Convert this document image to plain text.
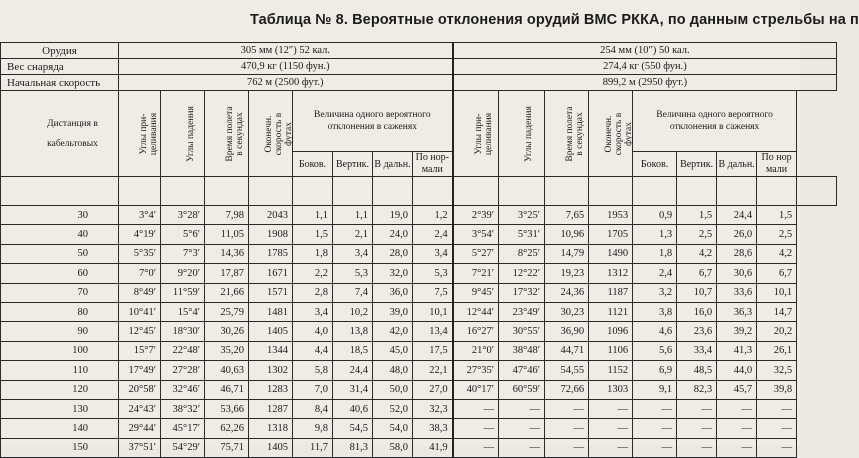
Таблица № 8. Вероятные отклонения орудий ВМС РККА, по данным стрельбы на п
Орудия	305 мм (12″) 52 кал.								254 мм (10″) 50 кал.								
Вес снаряда	470,9 кг (1150 фун.)								274,4 кг (550 фун.)								
Начальная скорость	762 м (2500 фут.)								899,2 м (2950 фут.)								
Дистанция в кабельтовых	Углы при- целивания	Углы падения	Время полета в секундах	Оконечн. скорость в футах	Величина одного вероятного отклонения в саженях				Углы при- целивания	Углы падения	Время полета в секундах	Оконечн. скорость в футах	Величина одного вероятного отклонения в саженях				
					Боков.	Вертик.	В дальн.	По нор- мали					Боков.	Вертик.	В дальн.	По нор мали	

30	3°4′	3°28′	7,98	2043	1,1	1,1	19,0	1,2	2°39′	3°25′	7,65	1953	0,9	1,5	24,4	1,5	
40	4°19′	5°6′	11,05	1908	1,5	2,1	24,0	2,4	3°54′	5°31′	10,96	1705	1,3	2,5	26,0	2,5	
50	5°35′	7°3′	14,36	1785	1,8	3,4	28,0	3,4	5°27′	8°25′	14,79	1490	1,8	4,2	28,6	4,2	
60	7°0′	9°20′	17,87	1671	2,2	5,3	32,0	5,3	7°21′	12°22′	19,23	1312	2,4	6,7	30,6	6,7	
70	8°49′	11°59′	21,66	1571	2,8	7,4	36,0	7,5	9°45′	17°32′	24,36	1187	3,2	10,7	33,6	10,1	
80	10°41′	15°4′	25,79	1481	3,4	10,2	39,0	10,1	12°44′	23°49′	30,23	1121	3,8	16,0	36,3	14,7	
90	12°45′	18°30′	30,26	1405	4,0	13,8	42,0	13,4	16°27′	30°55′	36,90	1096	4,6	23,6	39,2	20,2	
100	15°7′	22°48′	35,20	1344	4,4	18,5	45,0	17,5	21°0′	38°48′	44,71	1106	5,6	33,4	41,3	26,1	
110	17°49′	27°28′	40,63	1302	5,8	24,4	48,0	22,1	27°35′	47°46′	54,55	1152	6,9	48,5	44,0	32,5	
120	20°58′	32°46′	46,71	1283	7,0	31,4	50,0	27,0	40°17′	60°59′	72,66	1303	9,1	82,3	45,7	39,8	
130	24°43′	38°32′	53,66	1287	8,4	40,6	52,0	32,3	—	—	—	—	—	—	—	—	
140	29°44′	45°17′	62,26	1318	9,8	54,5	54,0	38,3	—	—	—	—	—	—	—	—	
150	37°51′	54°29′	75,71	1405	11,7	81,3	58,0	41,9	—	—	—	—	—	—	—	—	
